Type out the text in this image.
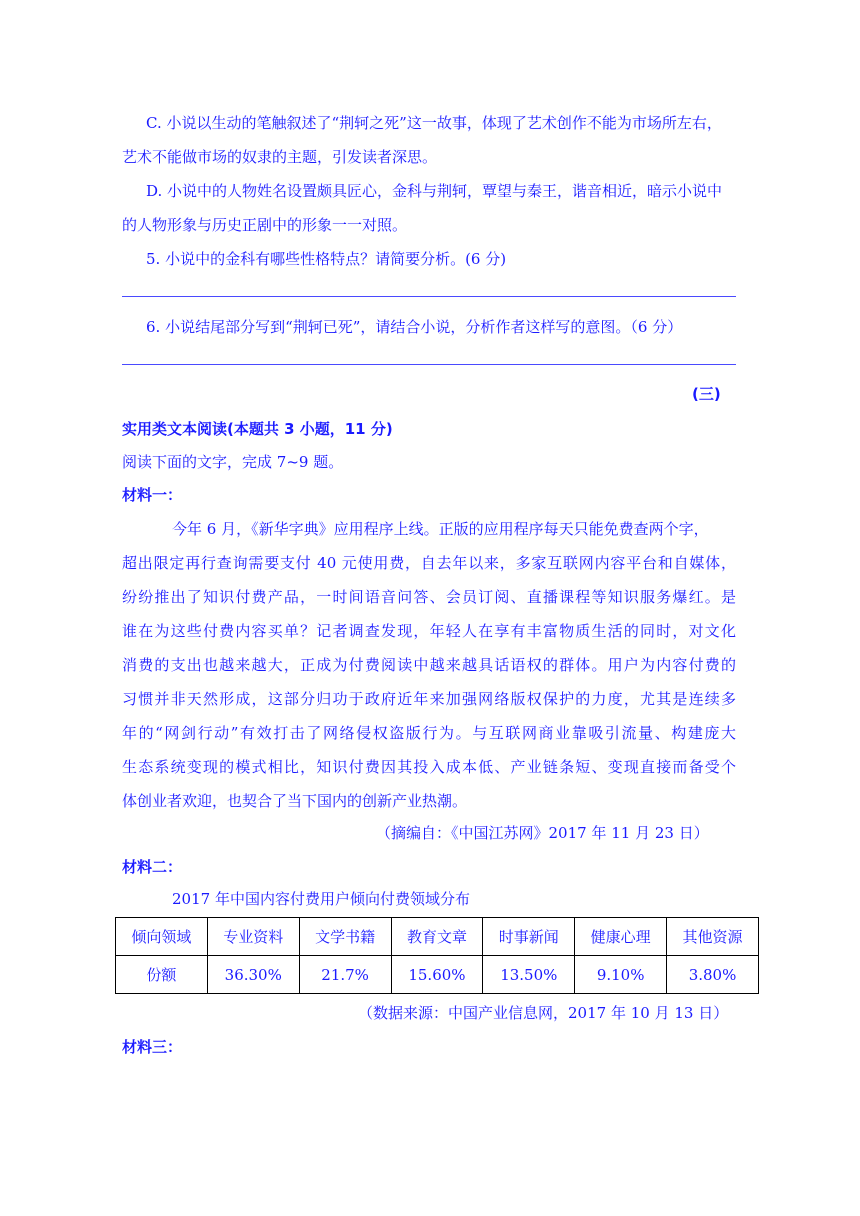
C. 小说以生动的笔触叙述了“荆轲之死”这一故事，体现了艺术创作不能为市场所左右，
艺术不能做市场的奴隶的主题，引发读者深思。
D. 小说中的人物姓名设置颇具匠心，金科与荆轲，覃望与秦王，谐音相近，暗示小说中
的人物形象与历史正剧中的形象一一对照。
5. 小说中的金科有哪些性格特点？请简要分析。(6 分)
6. 小说结尾部分写到“荆轲已死”，请结合小说，分析作者这样写的意图。（6 分）
(三)
实用类文本阅读(本题共 3 小题，11 分)
阅读下面的文字，完成 7~9 题。
材料一：
今年 6 月，《新华字典》应用程序上线。正版的应用程序每天只能免费查两个字，
超出限定再行查询需要支付 40 元使用费，自去年以来，多家互联网内容平台和自媒体，
纷纷推出了知识付费产品，一时间语音问答、会员订阅、直播课程等知识服务爆红。是
谁在为这些付费内容买单？记者调查发现，年轻人在享有丰富物质生活的同时，对文化
消费的支出也越来越大，正成为付费阅读中越来越具话语权的群体。用户为内容付费的
习惯并非天然形成，这部分归功于政府近年来加强网络版权保护的力度，尤其是连续多
年的“网剑行动”有效打击了网络侵权盗版行为。与互联网商业靠吸引流量、构建庞大
生态系统变现的模式相比，知识付费因其投入成本低、产业链条短、变现直接而备受个
体创业者欢迎，也契合了当下国内的创新产业热潮。
（摘编自：《中国江苏网》2017 年 11 月 23 日）
材料二：
2017 年中国内容付费用户倾向付费领域分布
倾向领域	专业资料	文学书籍	教育文章	时事新闻	健康心理	其他资源
份额	36.30%	21.7%	15.60%	13.50%	9.10%	3.80%
（数据来源：中国产业信息网，2017 年 10 月 13 日）
材料三：
